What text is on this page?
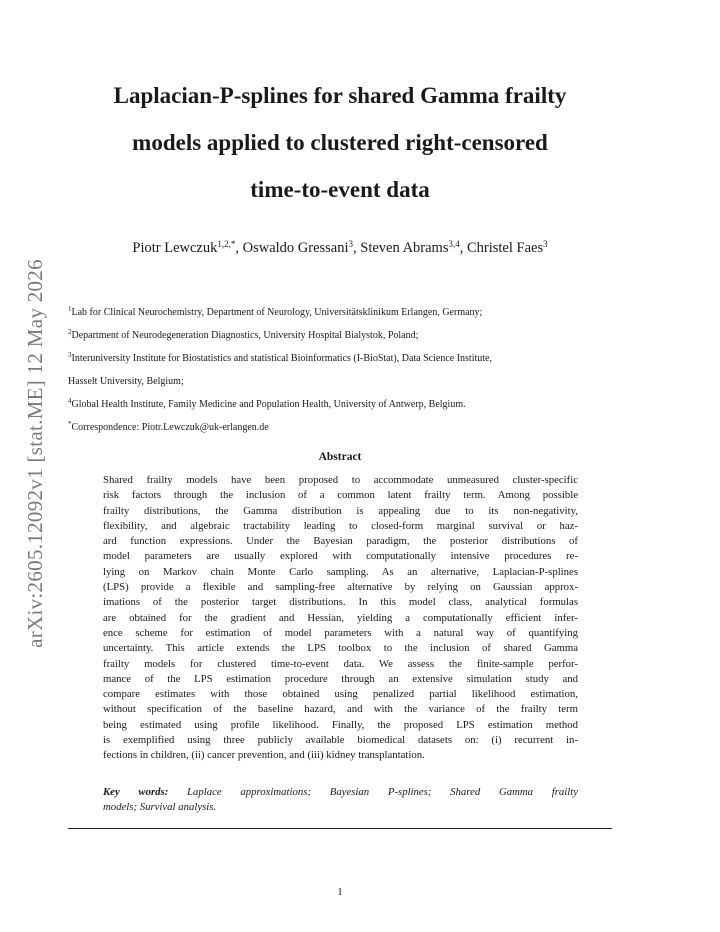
arXiv:2605.12092v1 [stat.ME] 12 May 2026
Laplacian-P-splines for shared Gamma frailty
models applied to clustered right-censored
time-to-event data

Piotr Lewczuk$^{1,2,*}$, Oswaldo Gressani$^3$, Steven Abrams$^{3,4}$, Christel Faes$^3$

$^1$Lab for Clinical Neurochemistry, Department of Neurology, Universitätsklinikum Erlangen, Germany;
$^2$Department of Neurodegeneration Diagnostics, University Hospital Bialystok, Poland;
$^3$Interuniversity Institute for Biostatistics and statistical Bioinformatics (I-BioStat), Data Science Institute,
Hasselt University, Belgium;
$^4$Global Health Institute, Family Medicine and Population Health, University of Antwerp, Belgium.
*Correspondence: Piotr.Lewczuk@uk-erlangen.de
Abstract
Shared frailty models have been proposed to accommodate unmeasured cluster-specific
risk factors through the inclusion of a common latent frailty term. Among possible
frailty distributions, the Gamma distribution is appealing due to its non-negativity,
flexibility, and algebraic tractability leading to closed-form marginal survival or haz-
ard function expressions. Under the Bayesian paradigm, the posterior distributions of
model parameters are usually explored with computationally intensive procedures re-
lying on Markov chain Monte Carlo sampling. As an alternative, Laplacian-P-splines
(LPS) provide a flexible and sampling-free alternative by relying on Gaussian approx-
imations of the posterior target distributions. In this model class, analytical formulas
are obtained for the gradient and Hessian, yielding a computationally efficient infer-
ence scheme for estimation of model parameters with a natural way of quantifying
uncertainty. This article extends the LPS toolbox to the inclusion of shared Gamma
frailty models for clustered time-to-event data. We assess the finite-sample perfor-
mance of the LPS estimation procedure through an extensive simulation study and
compare estimates with those obtained using penalized partial likelihood estimation,
without specification of the baseline hazard, and with the variance of the frailty term
being estimated using profile likelihood. Finally, the proposed LPS estimation method
is exemplified using three publicly available biomedical datasets on: (i) recurrent in-
fections in children, (ii) cancer prevention, and (iii) kidney transplantation.
Key words: Laplace approximations; Bayesian P-splines; Shared Gamma frailty
models; Survival analysis.
1
